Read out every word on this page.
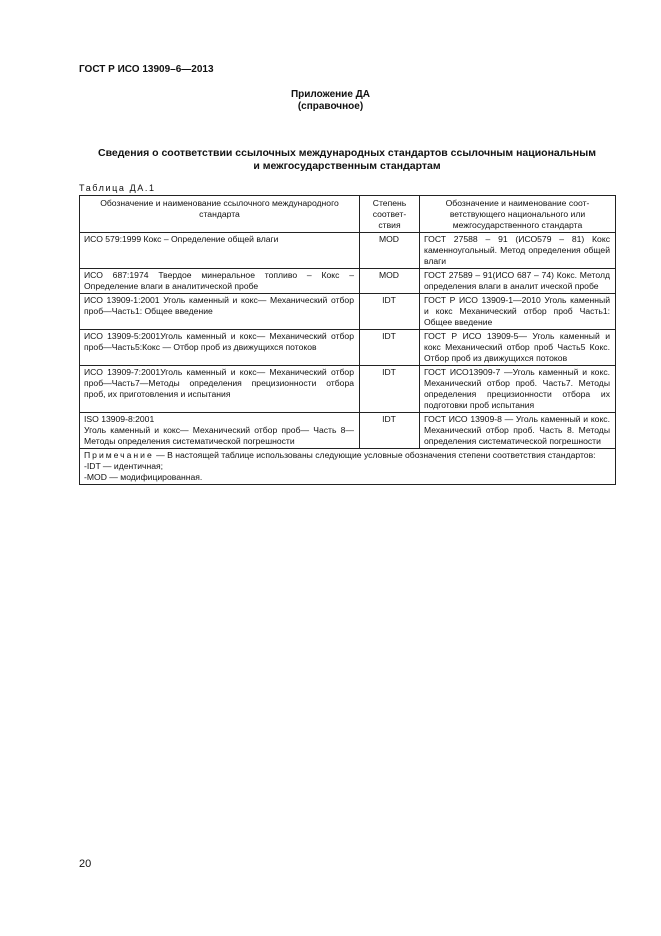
ГОСТ Р ИСО 13909–6—2013
Приложение ДА
(справочное)
Сведения о соответствии ссылочных международных стандартов ссылочным национальным
и межгосударственным стандартам
Таблица ДА.1
Обозначение и наименование ссылочного международного стандарта	Степень соответствия	Обозначение и наименование соответствующего национального или межгосударственного стандарта
ИСО 579:1999 Кокс – Определение общей влаги	MOD	ГОСТ 27588 – 91 (ИСО579 – 81) Кокс каменноугольный. Метод определения общей влаги
ИСО 687:1974 Твердое минеральное топливо – Кокс – Определение влаги в аналитической пробе	MOD	ГОСТ 27589 – 91(ИСО 687 – 74) Кокс. Метолд определения влаги в аналит ической пробе
ИСО 13909-1:2001 Уголь каменный и кокс— Механический отбор проб—Часть1: Общее введение	IDT	ГОСТ Р ИСО 13909-1—2010 Уголь каменный и кокс Механический отбор проб Часть1: Общее введение
ИСО 13909-5:2001Уголь каменный и кокс— Механический отбор проб—Часть5:Кокс — Отбор проб из движущихся потоков	IDT	ГОСТ Р ИСО 13909-5— Уголь каменный и кокс Механический отбор проб Часть5 Кокс. Отбор проб из движущихся потоков
ИСО 13909-7:2001Уголь каменный и кокс— Механический отбор проб—Часть7—Методы определения прецизионности отбора проб, их приготовления и испытания	IDT	ГОСТ ИСО13909-7 —Уголь каменный и кокс. Механический отбор проб. Часть7. Методы определения прецизионности отбора их подготовки проб испытания

ISO 13909-8:2001
Уголь каменный и кокс— Механический отбор проб— Часть 8— Методы определения систематической погрешности	IDT	ГОСТ ИСО 13909-8 — Уголь каменный и кокс. Механический отбор проб. Часть 8. Методы определения систематической погрешности
Примечание — В настоящей таблице использованы следующие условные обозначения степени соответствия стандартов:
-IDT — идентичная;
-MOD — модифицированная.		
20
